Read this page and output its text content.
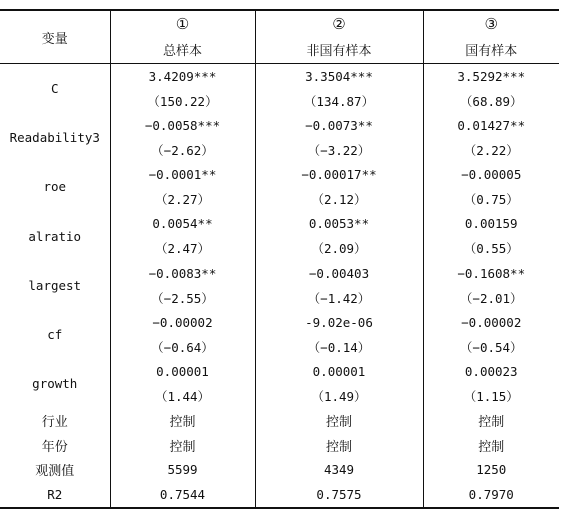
变量	①	②	③
	总样本	非国有样本	国有样本
C	3.4209***	3.3504***	3.5292***
	（150.22）	（134.87）	（68.89）
Readability3	−0.0058***	−0.0073**	0.01427**
	（−2.62）	（−3.22）	（2.22）
roe	−0.0001**	−0.00017**	−0.00005
	（2.27）	（2.12）	（0.75）
alratio	0.0054**	0.0053**	0.00159
	（2.47）	（2.09）	（0.55）
largest	−0.0083**	−0.00403	−0.1608**
	（−2.55）	（−1.42）	（−2.01）
cf	−0.00002	-9.02e-06	−0.00002
	（−0.64）	（−0.14）	（−0.54）
growth	0.00001	0.00001	0.00023
	（1.44）	（1.49）	（1.15）
行业	控制	控制	控制
年份	控制	控制	控制
观测值	5599	4349	1250
R2	0.7544	0.7575	0.7970
